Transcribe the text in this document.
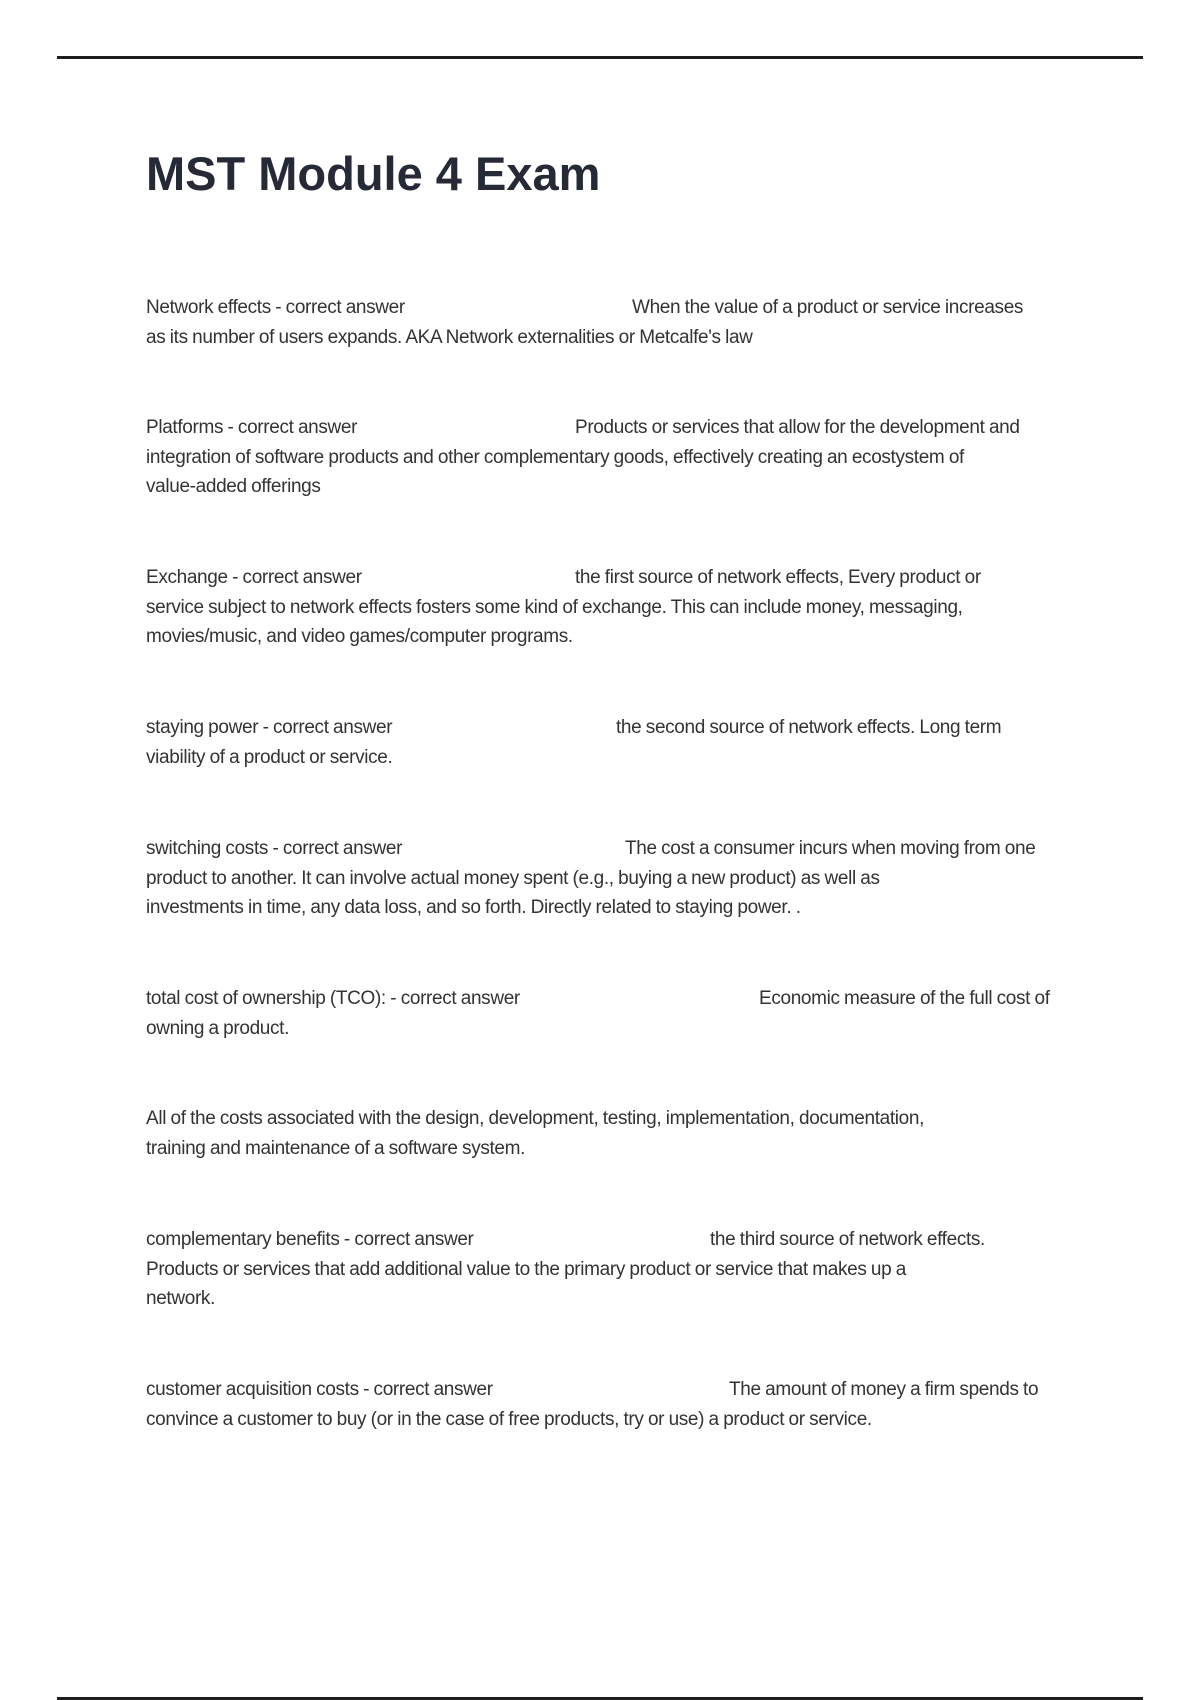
MST Module 4 Exam
Network effects - correct answer	When the value of a product or service increases
as its number of users expands. AKA Network externalities or Metcalfe's law
Platforms - correct answer	Products or services that allow for the development and
integration of software products and other complementary goods, effectively creating an ecostystem of
value-added offerings
Exchange - correct answer	the first source of network effects, Every product or
service subject to network effects fosters some kind of exchange. This can include money, messaging,
movies/music, and video games/computer programs.
staying power - correct answer	the second source of network effects. Long term
viability of a product or service.
switching costs - correct answer	The cost a consumer incurs when moving from one
product to another. It can involve actual money spent (e.g., buying a new product) as well as
investments in time, any data loss, and so forth. Directly related to staying power. .
total cost of ownership (TCO): - correct answer	Economic measure of the full cost of
owning a product.
All of the costs associated with the design, development, testing, implementation, documentation,
training and maintenance of a software system.
complementary benefits - correct answer	the third source of network effects.
Products or services that add additional value to the primary product or service that makes up a
network.
customer acquisition costs - correct answer	The amount of money a firm spends to
convince a customer to buy (or in the case of free products, try or use) a product or service.
